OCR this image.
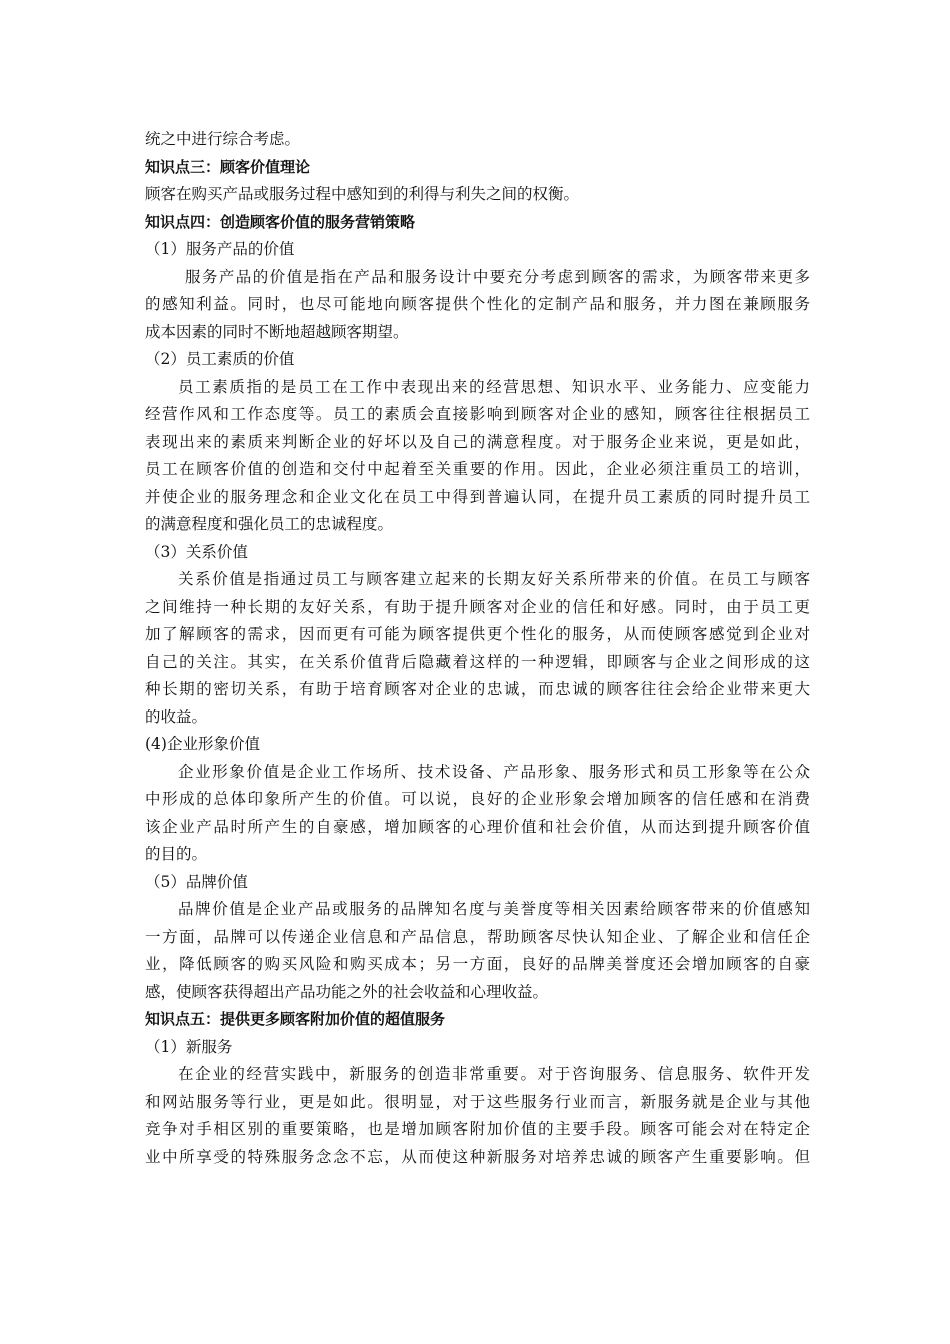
统之中进行综合考虑。
知识点三：顾客价值理论
顾客在购买产品或服务过程中感知到的利得与利失之间的权衡。
知识点四：创造顾客价值的服务营销策略
（1）服务产品的价值
服务产品的价值是指在产品和服务设计中要充分考虑到顾客的需求，为顾客带来更多
的感知利益。同时，也尽可能地向顾客提供个性化的定制产品和服务，并力图在兼顾服务
成本因素的同时不断地超越顾客期望。
（2）员工素质的价值
员工素质指的是员工在工作中表现出来的经营思想、知识水平、业务能力、应变能力
经营作风和工作态度等。员工的素质会直接影响到顾客对企业的感知，顾客往往根据员工
表现出来的素质来判断企业的好坏以及自己的满意程度。对于服务企业来说，更是如此，
员工在顾客价值的创造和交付中起着至关重要的作用。因此，企业必须注重员工的培训，
并使企业的服务理念和企业文化在员工中得到普遍认同，在提升员工素质的同时提升员工
的满意程度和强化员工的忠诚程度。
（3）关系价值
关系价值是指通过员工与顾客建立起来的长期友好关系所带来的价值。在员工与顾客
之间维持一种长期的友好关系，有助于提升顾客对企业的信任和好感。同时，由于员工更
加了解顾客的需求，因而更有可能为顾客提供更个性化的服务，从而使顾客感觉到企业对
自己的关注。其实，在关系价值背后隐藏着这样的一种逻辑，即顾客与企业之间形成的这
种长期的密切关系，有助于培育顾客对企业的忠诚，而忠诚的顾客往往会给企业带来更大
的收益。
(4)企业形象价值
企业形象价值是企业工作场所、技术设备、产品形象、服务形式和员工形象等在公众
中形成的总体印象所产生的价值。可以说，良好的企业形象会增加顾客的信任感和在消费
该企业产品时所产生的自豪感，增加顾客的心理价值和社会价值，从而达到提升顾客价值
的目的。
（5）品牌价值
品牌价值是企业产品或服务的品牌知名度与美誉度等相关因素给顾客带来的价值感知
一方面，品牌可以传递企业信息和产品信息，帮助顾客尽快认知企业、了解企业和信任企
业，降低顾客的购买风险和购买成本；另一方面，良好的品牌美誉度还会增加顾客的自豪
感，使顾客获得超出产品功能之外的社会收益和心理收益。
知识点五：提供更多顾客附加价值的超值服务
（1）新服务
在企业的经营实践中，新服务的创造非常重要。对于咨询服务、信息服务、软件开发
和网站服务等行业，更是如此。很明显，对于这些服务行业而言，新服务就是企业与其他
竞争对手相区别的重要策略，也是增加顾客附加价值的主要手段。顾客可能会对在特定企
业中所享受的特殊服务念念不忘，从而使这种新服务对培养忠诚的顾客产生重要影响。但
